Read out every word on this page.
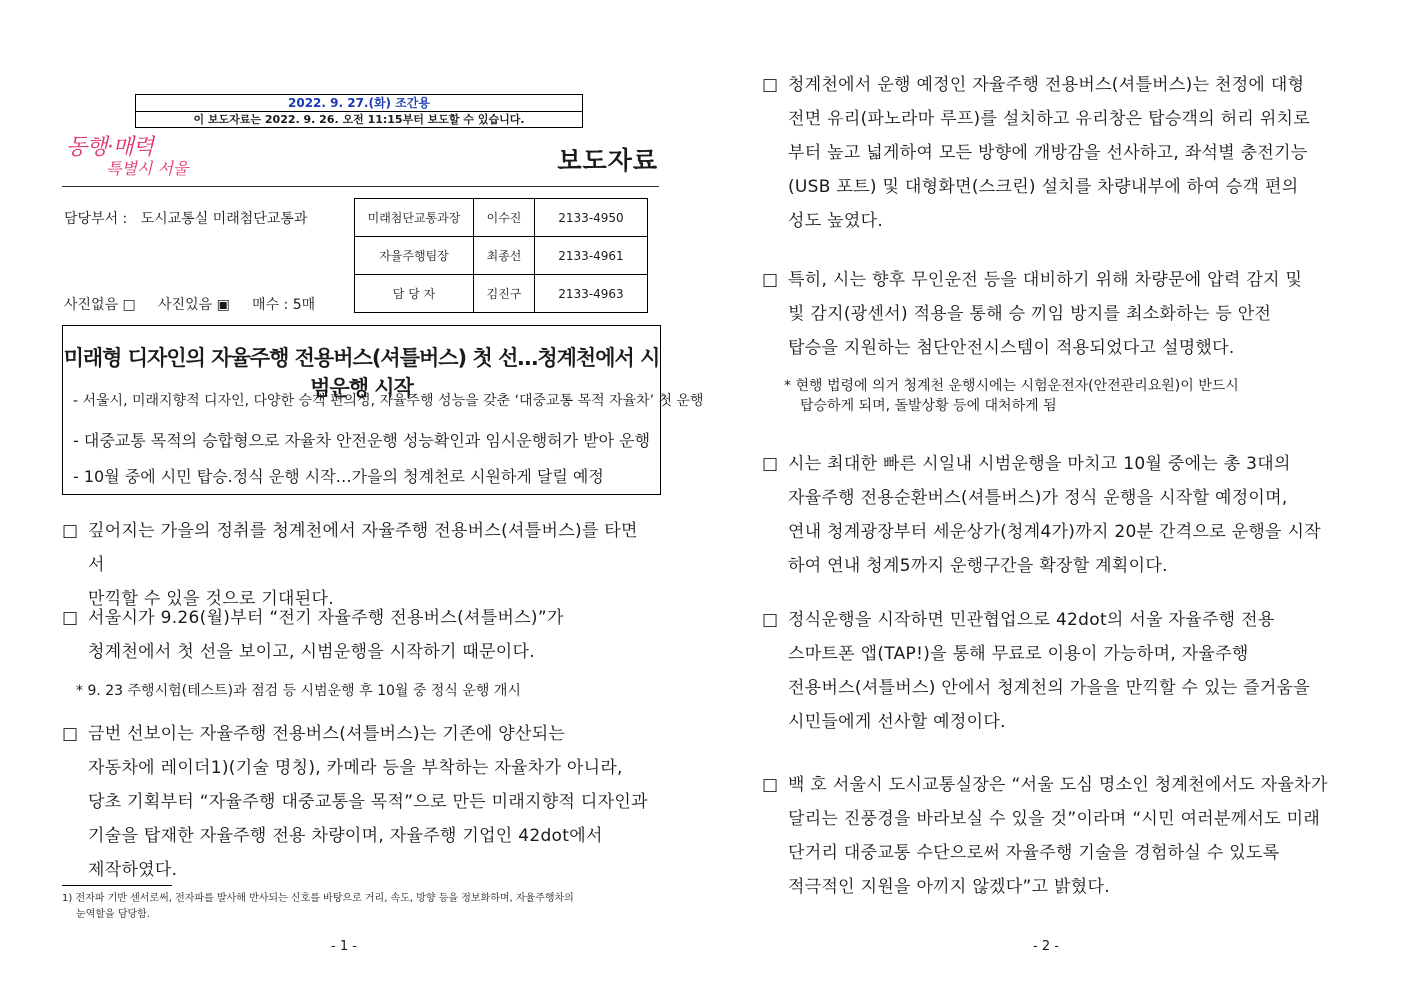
2022. 9. 27.(화) 조간용
이 보도자료는 2022. 9. 26. 오전 11:15부터 보도할 수 있습니다.
동행·매력
특별시 서울	보도자료
담당부서 :   도시교통실 미래첨단교통과
사진없음 □     사진있음 ▣     매수 : 5매
미래첨단교통과장	이수진	2133-4950
자율주행팀장	최종선	2133-4961
담 당 자	김진구	2133-4963
미래형 디자인의 자율주행 전용버스(셔틀버스) 첫 선…청계천에서 시범운행 시작
- 서울시, 미래지향적 디자인, 다양한 승객 편의성, 자율주행 성능을 갖춘 ‘대중교통 목적 자율차’ 첫 운행
- 대중교통 목적의 승합형으로 자율차 안전운행 성능확인과 임시운행허가 받아 운행
- 10월 중에 시민 탑승.정식 운행 시작…가을의 청계천로 시원하게 달릴 예정
□ 깊어지는 가을의 정취를 청계천에서 자율주행 전용버스(셔틀버스)를 타면서
만끽할 수 있을 것으로 기대된다.
□ 서울시가 9.26(월)부터 “전기 자율주행 전용버스(셔틀버스)”가
청계천에서 첫 선을 보이고, 시범운행을 시작하기 때문이다.
* 9. 23 주행시험(테스트)과 점검 등 시범운행 후 10월 중 정식 운행 개시
□ 금번 선보이는 자율주행 전용버스(셔틀버스)는 기존에 양산되는
자동차에 레이더1)(기술 명칭), 카메라 등을 부착하는 자율차가 아니라,
당초 기획부터 “자율주행 대중교통을 목적”으로 만든 미래지향적 디자인과
기술을 탑재한 자율주행 전용 차량이며, 자율주행 기업인 42dot에서
제작하였다.
1) 전자파 기반 센서로써, 전자파를 발사해 반사되는 신호를 바탕으로 거리, 속도, 방향 등을 정보화하며, 자율주행차의
눈역할을 담당함.
- 1 -
□ 청계천에서 운행 예정인 자율주행 전용버스(셔틀버스)는 천정에 대형
전면 유리(파노라마 루프)를 설치하고 유리창은 탑승객의 허리 위치로
부터 높고 넓게하여 모든 방향에 개방감을 선사하고, 좌석별 충전기능
(USB 포트) 및 대형화면(스크린) 설치를 차량내부에 하여 승객 편의
성도 높였다.
□ 특히, 시는 향후 무인운전 등을 대비하기 위해 차량문에 압력 감지 및
빛 감지(광센서) 적용을 통해 승 끼임 방지를 최소화하는 등 안전
탑승을 지원하는 첨단안전시스템이 적용되었다고 설명했다.
* 현행 법령에 의거 청계천 운행시에는 시험운전자(안전관리요원)이 반드시
탑승하게 되며, 돌발상황 등에 대처하게 됨
□ 시는 최대한 빠른 시일내 시범운행을 마치고 10월 중에는 총 3대의
자율주행 전용순환버스(셔틀버스)가 정식 운행을 시작할 예정이며,
연내 청계광장부터 세운상가(청계4가)까지 20분 간격으로 운행을 시작
하여 연내 청계5까지 운행구간을 확장할 계획이다.
□ 정식운행을 시작하면 민관협업으로 42dot의 서울 자율주행 전용
스마트폰 앱(TAP!)을 통해 무료로 이용이 가능하며, 자율주행
전용버스(셔틀버스) 안에서 청계천의 가을을 만끽할 수 있는 즐거움을
시민들에게 선사할 예정이다.
□ 백 호 서울시 도시교통실장은 “서울 도심 명소인 청계천에서도 자율차가
달리는 진풍경을 바라보실 수 있을 것”이라며 “시민 여러분께서도 미래
단거리 대중교통 수단으로써 자율주행 기술을 경험하실 수 있도록
적극적인 지원을 아끼지 않겠다”고 밝혔다.
- 2 -
